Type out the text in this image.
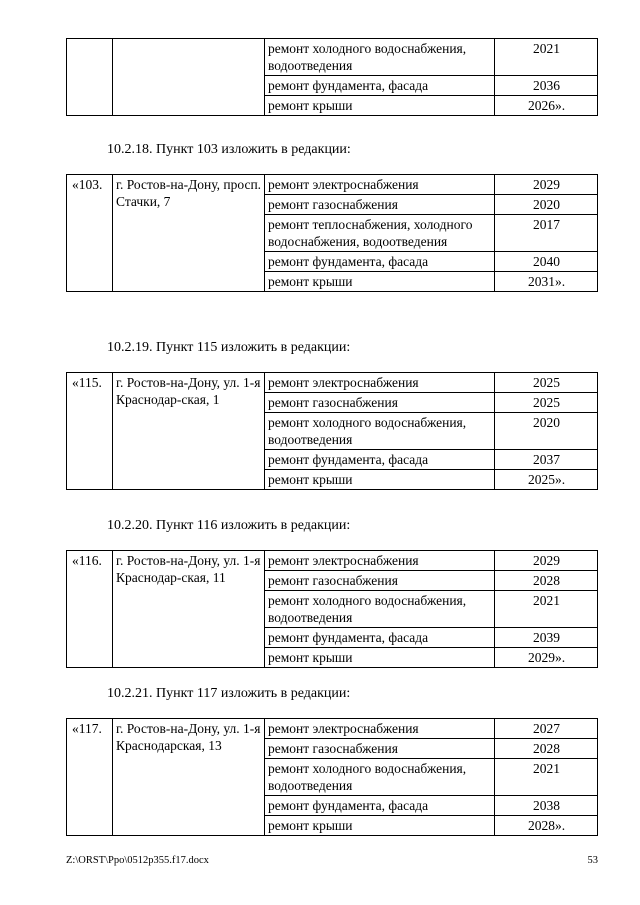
		ремонт холодного водоснабжения, водоотведения	2021
		ремонт фундамента, фасада	2036
		ремонт крыши	2026».
10.2.18. Пункт 103 изложить в редакции:
«103.	г. Ростов-на-Дону, просп. Стачки, 7	ремонт электроснабжения	2029
		ремонт газоснабжения	2020
		ремонт теплоснабжения, холодного водоснабжения, водоотведения	2017
		ремонт фундамента, фасада	2040
		ремонт крыши	2031».
10.2.19. Пункт 115 изложить в редакции:
«115.	г. Ростов-на-Дону, ул. 1-я Краснодар-ская, 1	ремонт электроснабжения	2025
		ремонт газоснабжения	2025
		ремонт холодного водоснабжения, водоотведения	2020
		ремонт фундамента, фасада	2037
		ремонт крыши	2025».
10.2.20. Пункт 116 изложить в редакции:
«116.	г. Ростов-на-Дону, ул. 1-я Краснодар-ская, 11	ремонт электроснабжения	2029
		ремонт газоснабжения	2028
		ремонт холодного водоснабжения, водоотведения	2021
		ремонт фундамента, фасада	2039
		ремонт крыши	2029».
10.2.21. Пункт 117 изложить в редакции:
«117.	г. Ростов-на-Дону, ул. 1-я Краснодарская, 13	ремонт электроснабжения	2027
		ремонт газоснабжения	2028
		ремонт холодного водоснабжения, водоотведения	2021
		ремонт фундамента, фасада	2038
		ремонт крыши	2028».
Z:\ORST\Ppo\0512p355.f17.docx	53
